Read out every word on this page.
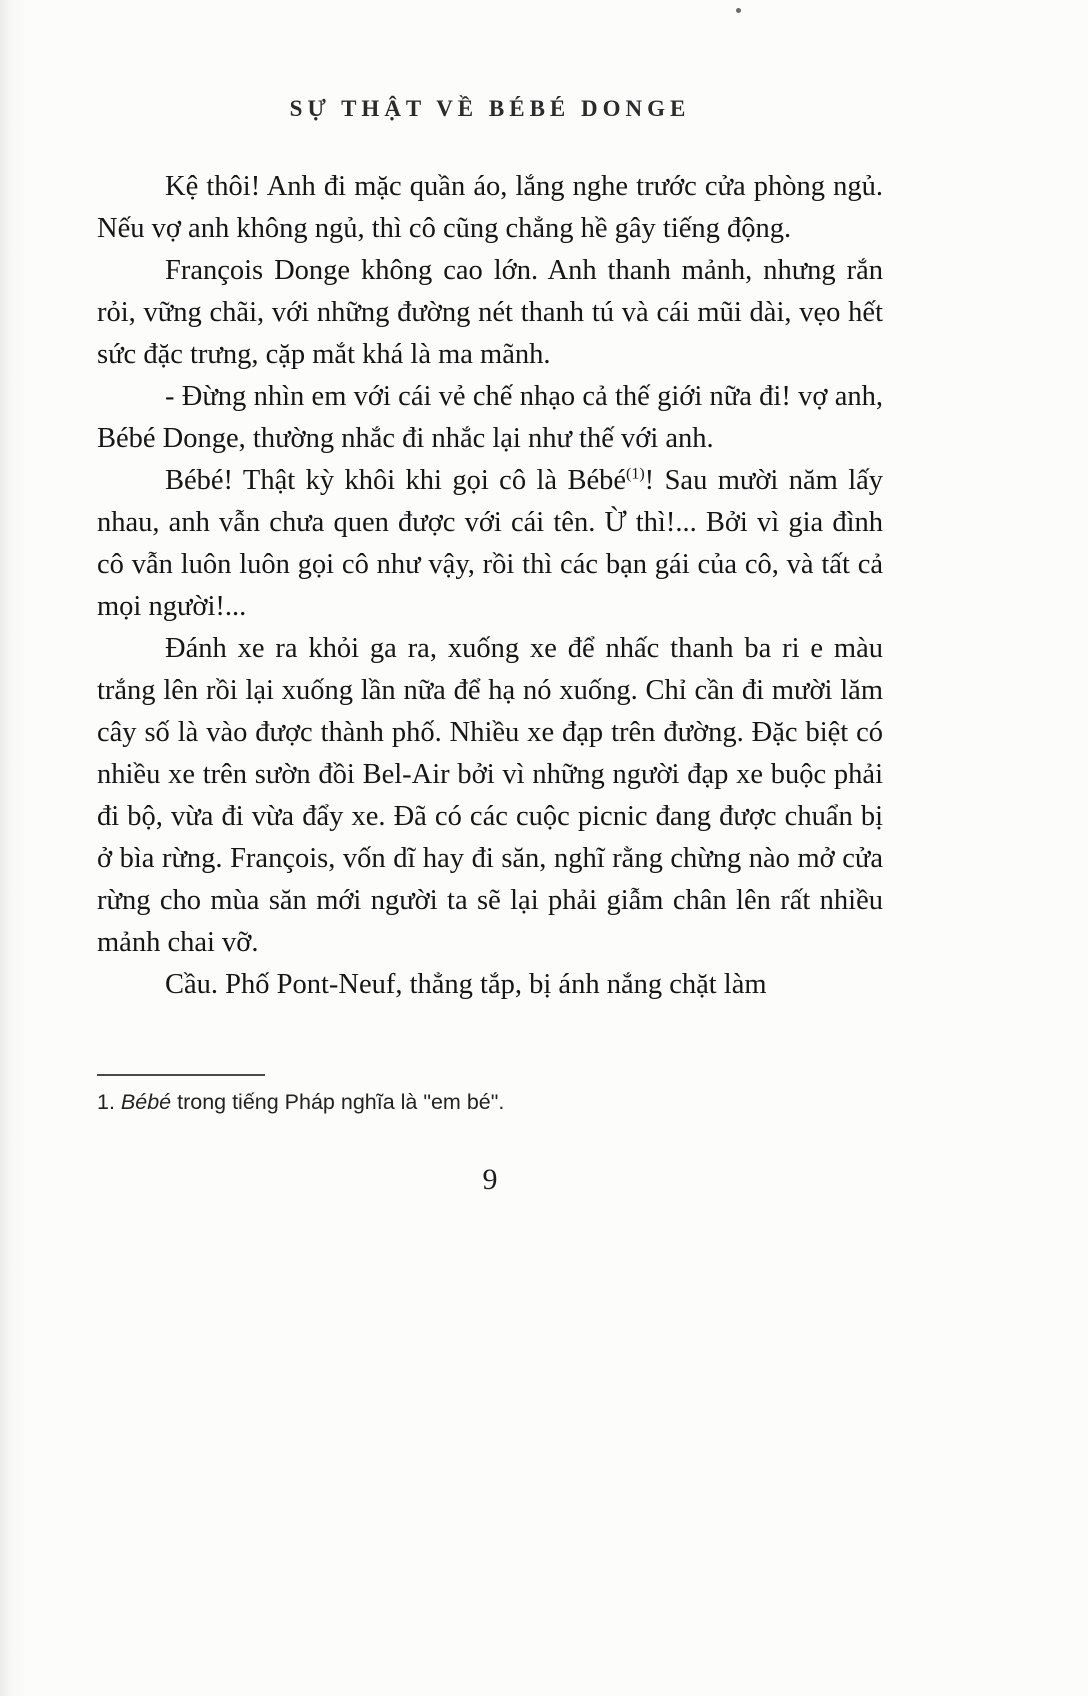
SỰ THẬT VỀ BÉBÉ DONGE

Kệ thôi! Anh đi mặc quần áo, lắng nghe trước cửa phòng ngủ. Nếu vợ anh không ngủ, thì cô cũng chẳng hề gây tiếng động.

François Donge không cao lớn. Anh thanh mảnh, nhưng rắn rỏi, vững chãi, với những đường nét thanh tú và cái mũi dài, vẹo hết sức đặc trưng, cặp mắt khá là ma mãnh.

- Đừng nhìn em với cái vẻ chế nhạo cả thế giới nữa đi! vợ anh, Bébé Donge, thường nhắc đi nhắc lại như thế với anh.

Bébé! Thật kỳ khôi khi gọi cô là Bébé$^{(1)}$! Sau mười năm lấy nhau, anh vẫn chưa quen được với cái tên. Ừ thì!... Bởi vì gia đình cô vẫn luôn luôn gọi cô như vậy, rồi thì các bạn gái của cô, và tất cả mọi người!...

Đánh xe ra khỏi ga ra, xuống xe để nhấc thanh ba ri e màu trắng lên rồi lại xuống lần nữa để hạ nó xuống. Chỉ cần đi mười lăm cây số là vào được thành phố. Nhiều xe đạp trên đường. Đặc biệt có nhiều xe trên sườn đồi Bel-Air bởi vì những người đạp xe buộc phải đi bộ, vừa đi vừa đẩy xe. Đã có các cuộc picnic đang được chuẩn bị ở bìa rừng. François, vốn dĩ hay đi săn, nghĩ rằng chừng nào mở cửa rừng cho mùa săn mới người ta sẽ lại phải giẫm chân lên rất nhiều mảnh chai vỡ.

Cầu. Phố Pont-Neuf, thẳng tắp, bị ánh nắng chặt làm

1. Bébé trong tiếng Pháp nghĩa là "em bé".

9
